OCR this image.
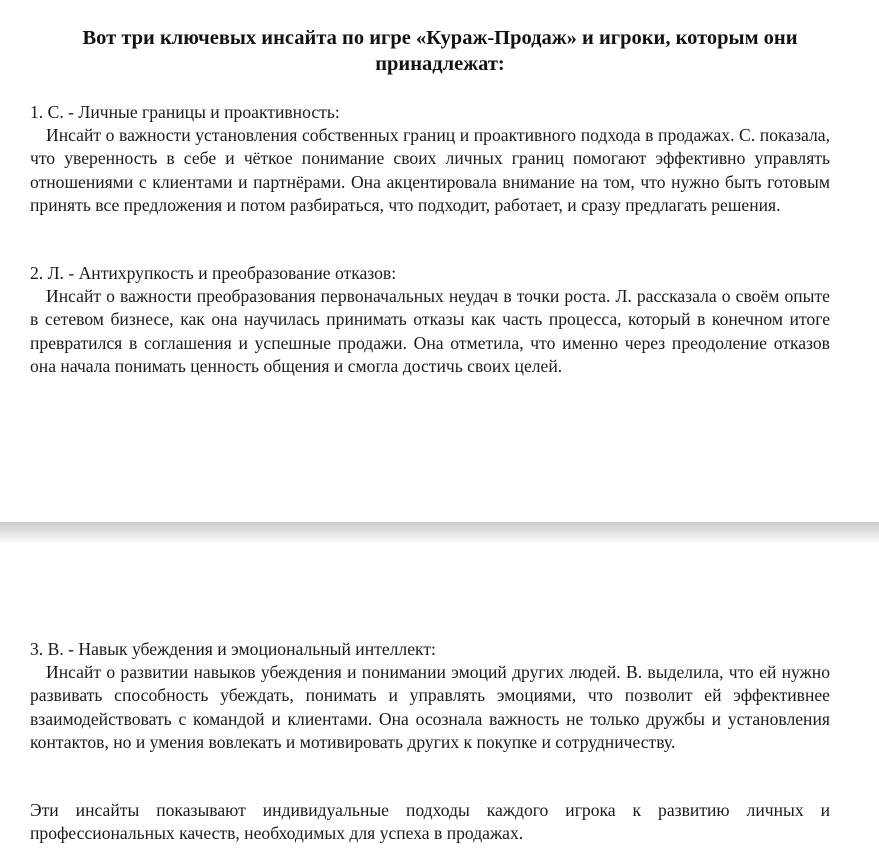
Вот три ключевых инсайта по игре «Кураж-Продаж» и игроки, которым они принадлежат:

1. С. - Личные границы и проактивность:

Инсайт о важности установления собственных границ и проактивного подхода в продажах. С. показала, что уверенность в себе и чёткое понимание своих личных границ помогают эффективно управлять отношениями с клиентами и партнёрами. Она акцентировала внимание на том, что нужно быть готовым принять все предложения и потом разбираться, что подходит, работает, и сразу предлагать решения.

2. Л. - Антихрупкость и преобразование отказов:

Инсайт о важности преобразования первоначальных неудач в точки роста. Л. рассказала о своём опыте в сетевом бизнесе, как она научилась принимать отказы как часть процесса, который в конечном итоге превратился в соглашения и успешные продажи. Она отметила, что именно через преодоление отказов она начала понимать ценность общения и смогла достичь своих целей.

3. В. - Навык убеждения и эмоциональный интеллект:

Инсайт о развитии навыков убеждения и понимании эмоций других людей. В. выделила, что ей нужно развивать способность убеждать, понимать и управлять эмоциями, что позволит ей эффективнее взаимодействовать с командой и клиентами. Она осознала важность не только дружбы и установления контактов, но и умения вовлекать и мотивировать других к покупке и сотрудничеству.

Эти инсайты показывают индивидуальные подходы каждого игрока к развитию личных и профессиональных качеств, необходимых для успеха в продажах.
